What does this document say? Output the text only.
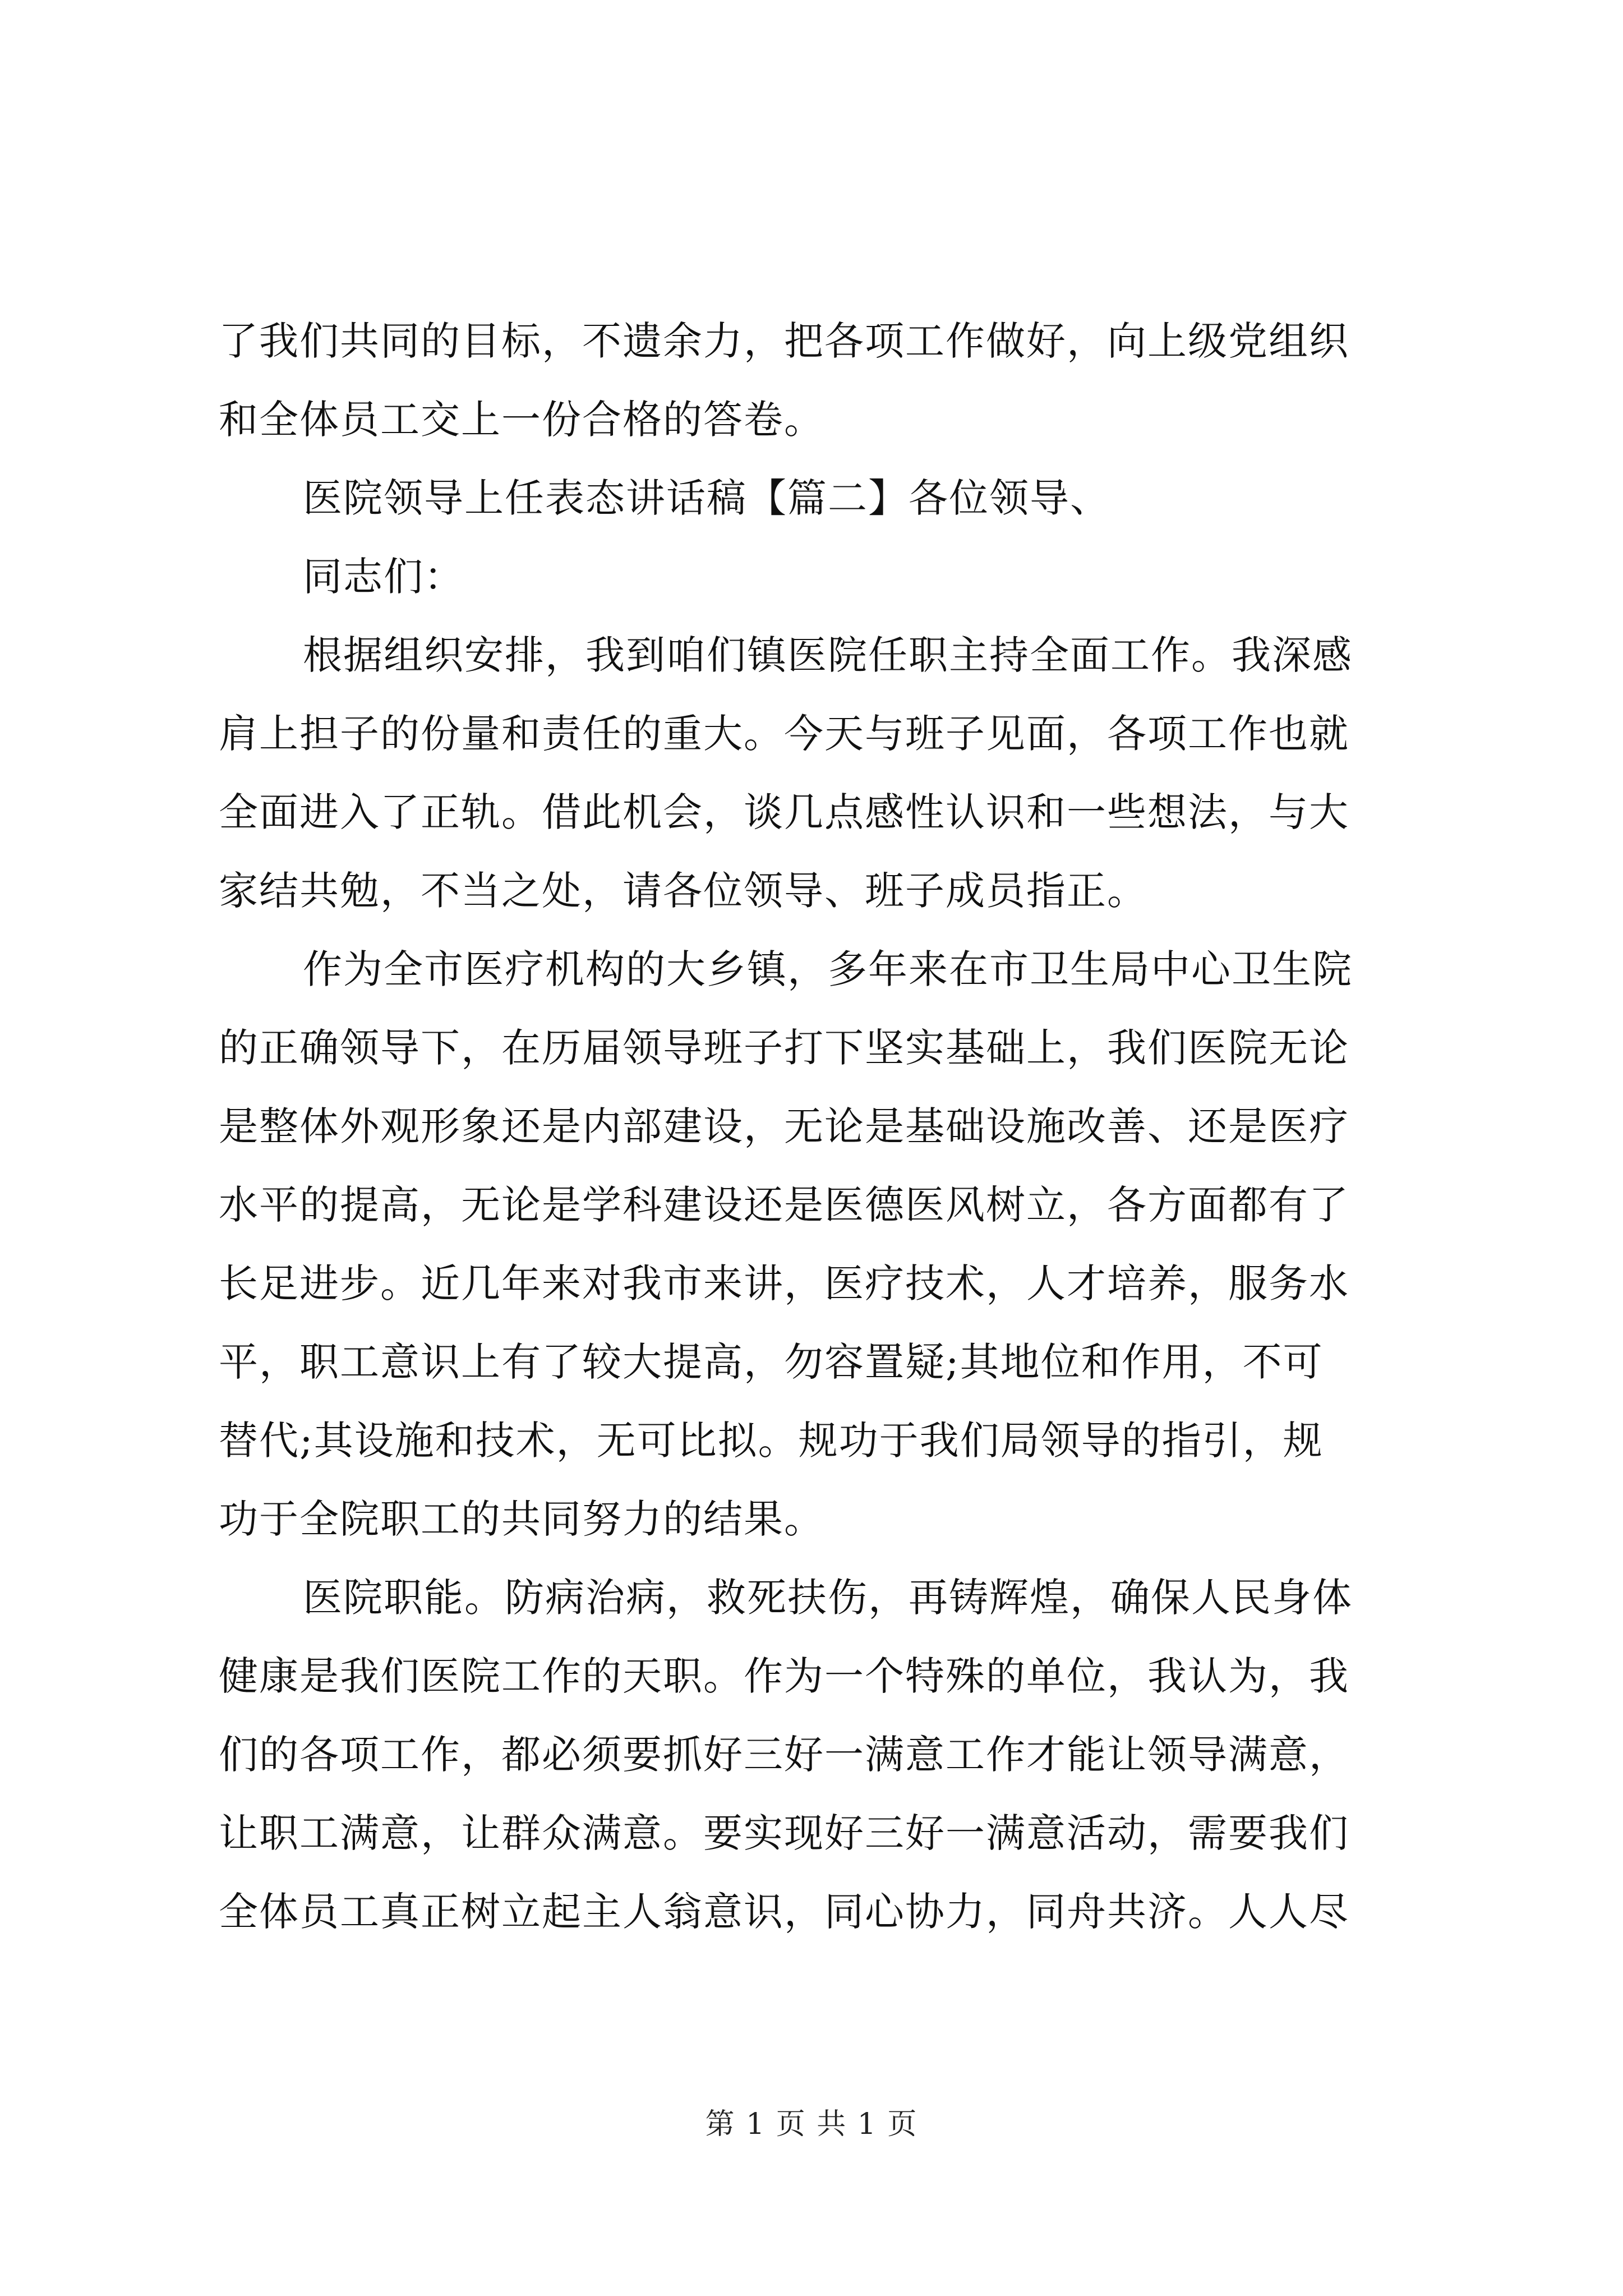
了我们共同的目标，不遗余力，把各项工作做好，向上级党组织
和全体员工交上一份合格的答卷。
医院领导上任表态讲话稿【篇二】各位领导、
同志们：
根据组织安排，我到咱们镇医院任职主持全面工作。我深感
肩上担子的份量和责任的重大。今天与班子见面，各项工作也就
全面进入了正轨。借此机会，谈几点感性认识和一些想法，与大
家结共勉，不当之处，请各位领导、班子成员指正。
作为全市医疗机构的大乡镇，多年来在市卫生局中心卫生院
的正确领导下，在历届领导班子打下坚实基础上，我们医院无论
是整体外观形象还是内部建设，无论是基础设施改善、还是医疗
水平的提高，无论是学科建设还是医德医风树立，各方面都有了
长足进步。近几年来对我市来讲，医疗技术，人才培养，服务水
平，职工意识上有了较大提高，勿容置疑;其地位和作用，不可
替代;其设施和技术，无可比拟。规功于我们局领导的指引，规
功于全院职工的共同努力的结果。
医院职能。防病治病，救死扶伤，再铸辉煌，确保人民身体
健康是我们医院工作的天职。作为一个特殊的单位，我认为，我
们的各项工作，都必须要抓好三好一满意工作才能让领导满意，
让职工满意，让群众满意。要实现好三好一满意活动，需要我们
全体员工真正树立起主人翁意识，同心协力，同舟共济。人人尽
第 1 页 共 1 页
